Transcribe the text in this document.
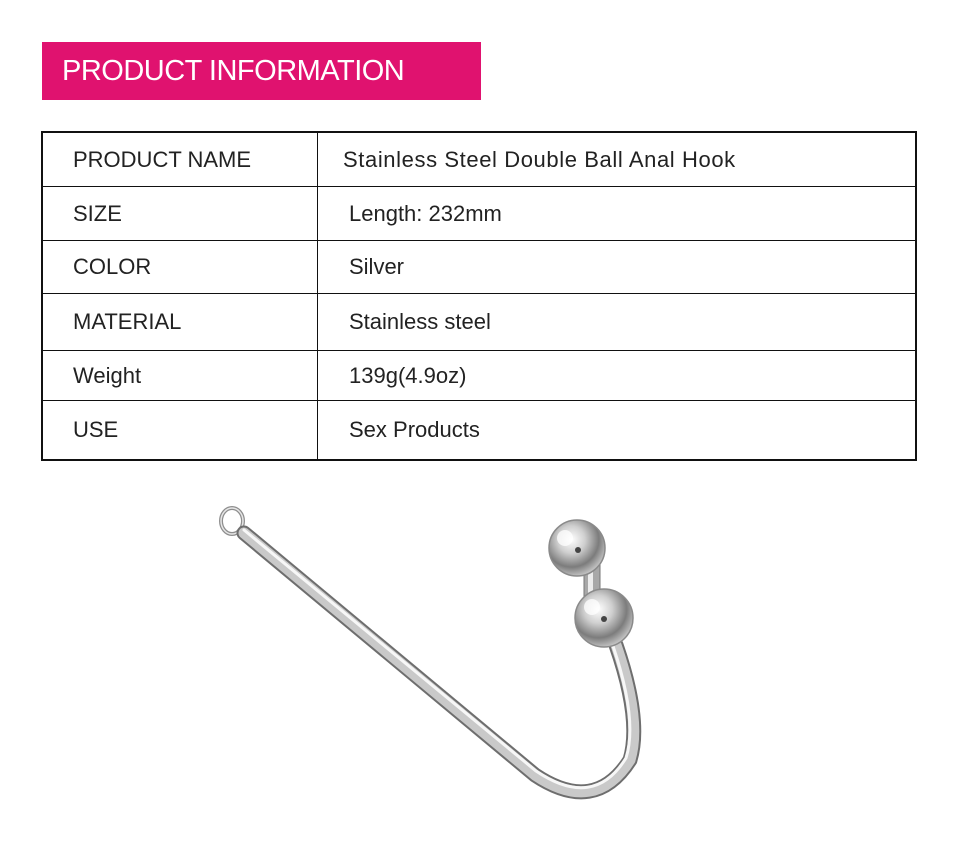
PRODUCT INFORMATION
PRODUCT NAME	Stainless Steel Double Ball Anal Hook
SIZE	Length: 232mm
COLOR	Silver
MATERIAL	Stainless steel
Weight	139g(4.9oz)
USE	Sex Products
